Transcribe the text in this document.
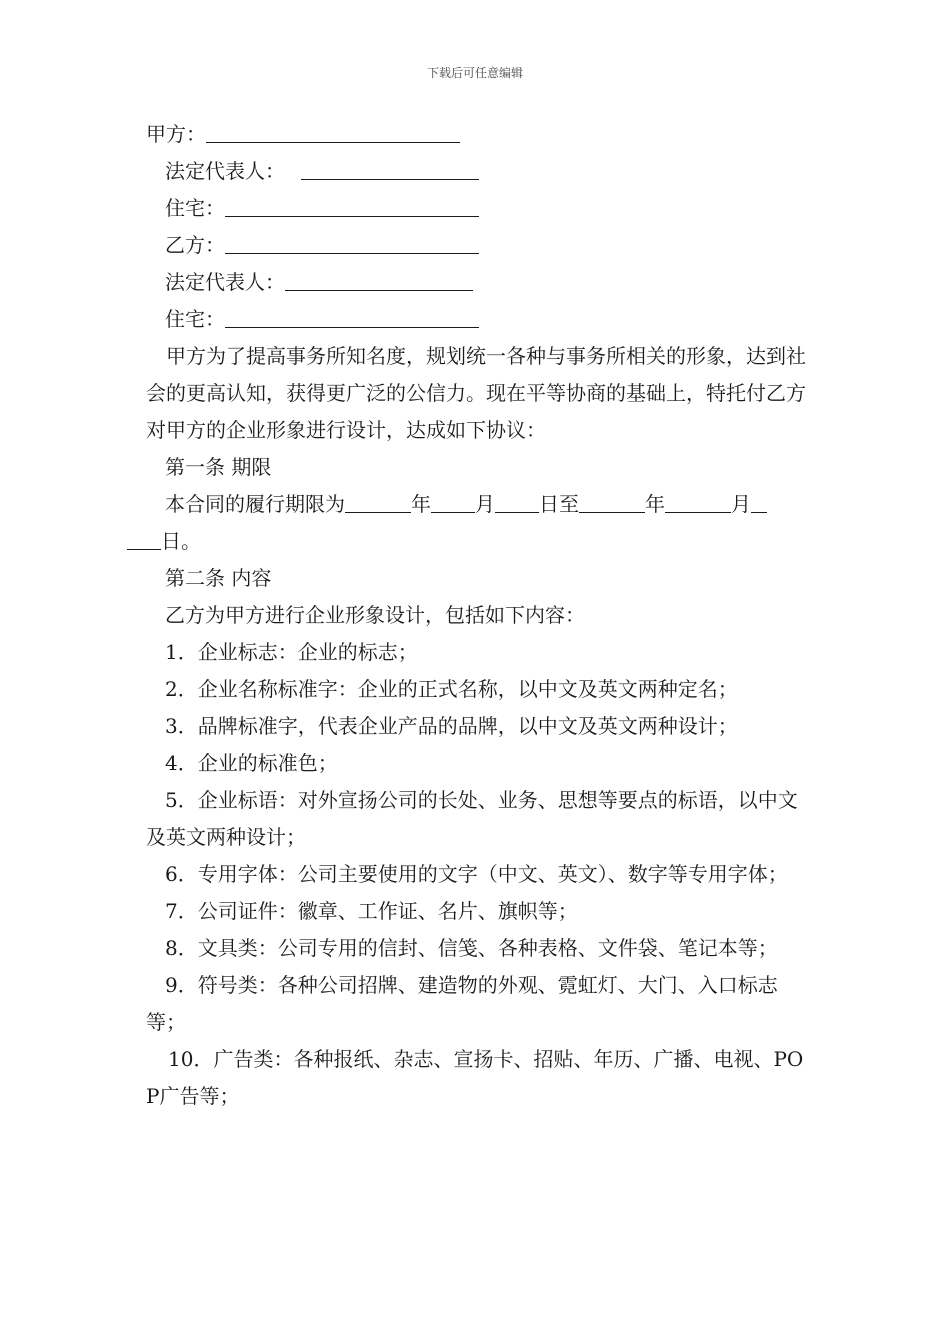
下载后可任意编辑
甲方：
法定代表人：
住宅：
乙方：
法定代表人：
住宅：
甲方为了提高事务所知名度，规划统一各种与事务所相关的形象，达到社会的更高认知，获得更广泛的公信力。现在平等协商的基础上，特托付乙方对甲方的企业形象进行设计，达成如下协议：
第一条 期限
本合同的履行期限为	年 月 日至	年	月
日。
第二条 内容
乙方为甲方进行企业形象设计，包括如下内容：
1．企业标志：企业的标志；
2．企业名称标准字：企业的正式名称，以中文及英文两种定名；
3．品牌标准字，代表企业产品的品牌，以中文及英文两种设计；
4．企业的标准色；
5．企业标语：对外宣扬公司的长处、业务、思想等要点的标语，以中文及英文两种设计；
6．专用字体：公司主要使用的文字（中文、英文）、数字等专用字体；
7．公司证件：徽章、工作证、名片、旗帜等；
8．文具类：公司专用的信封、信笺、各种表格、文件袋、笔记本等；
9．符号类：各种公司招牌、建造物的外观、霓虹灯、大门、入口标志等；
10．广告类：各种报纸、杂志、宣扬卡、招贴、年历、广播、电视、POP广告等；
